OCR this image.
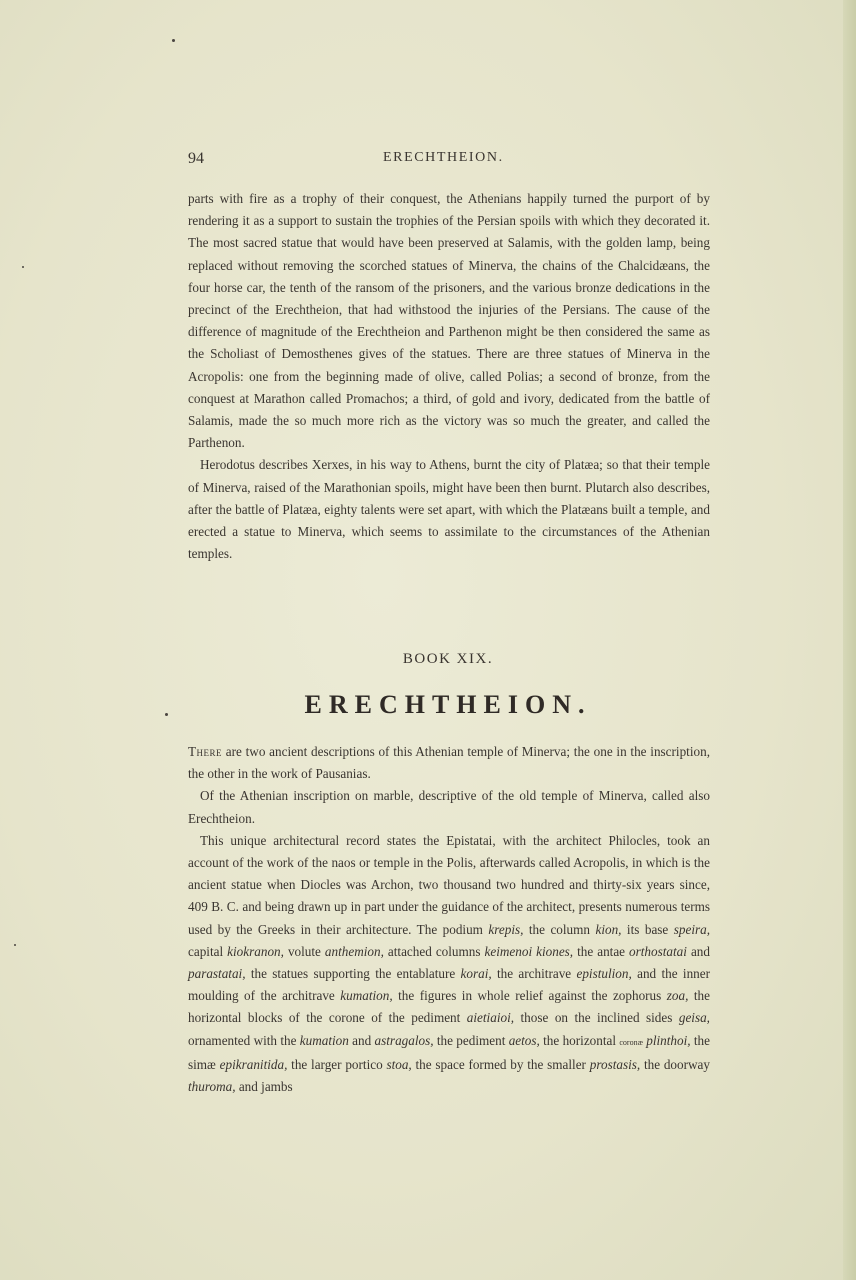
94	ERECHTHEION.

parts with fire as a trophy of their conquest, the Athenians happily turned the purport of by rendering it as a support to sustain the trophies of the Persian spoils with which they decorated it. The most sacred statue that would have been preserved at Salamis, with the golden lamp, being replaced without removing the scorched statues of Minerva, the chains of the Chalcidæans, the four horse car, the tenth of the ransom of the prisoners, and the various bronze dedications in the precinct of the Erechtheion, that had withstood the injuries of the Persians. The cause of the difference of magnitude of the Erechtheion and Parthenon might be then considered the same as the Scholiast of Demosthenes gives of the statues. There are three statues of Minerva in the Acropolis: one from the beginning made of olive, called Polias; a second of bronze, from the conquest at Marathon called Promachos; a third, of gold and ivory, dedicated from the battle of Salamis, made the so much more rich as the victory was so much the greater, and called the Parthenon.

Herodotus describes Xerxes, in his way to Athens, burnt the city of Platæa; so that their temple of Minerva, raised of the Marathonian spoils, might have been then burnt. Plutarch also describes, after the battle of Platæa, eighty talents were set apart, with which the Platæans built a temple, and erected a statue to Minerva, which seems to assimilate to the circumstances of the Athenian temples.

BOOK XIX.
ERECHTHEION.

There are two ancient descriptions of this Athenian temple of Minerva; the one in the inscription, the other in the work of Pausanias.

Of the Athenian inscription on marble, descriptive of the old temple of Minerva, called also Erechtheion.

This unique architectural record states the Epistatai, with the architect Philocles, took an account of the work of the naos or temple in the Polis, afterwards called Acropolis, in which is the ancient statue when Diocles was Archon, two thousand two hundred and thirty-six years since, 409 B. C. and being drawn up in part under the guidance of the architect, presents numerous terms used by the Greeks in their architecture. The podium krepis, the column kion, its base speira, capital kiokranon, volute anthemion, attached columns keimenoi kiones, the antae orthostatai and parastatai, the statues supporting the entablature korai, the architrave epistulion, and the inner moulding of the architrave kumation, the figures in whole relief against the zophorus zoa, the horizontal blocks of the corone of the pediment aietiaioi, those on the inclined sides geisa, ornamented with the kumation and astragalos, the pediment aetos, the horizontal coronæ plinthoi, the simæ epikranitida, the larger portico stoa, the space formed by the smaller prostasis, the doorway thuroma, and jambs
